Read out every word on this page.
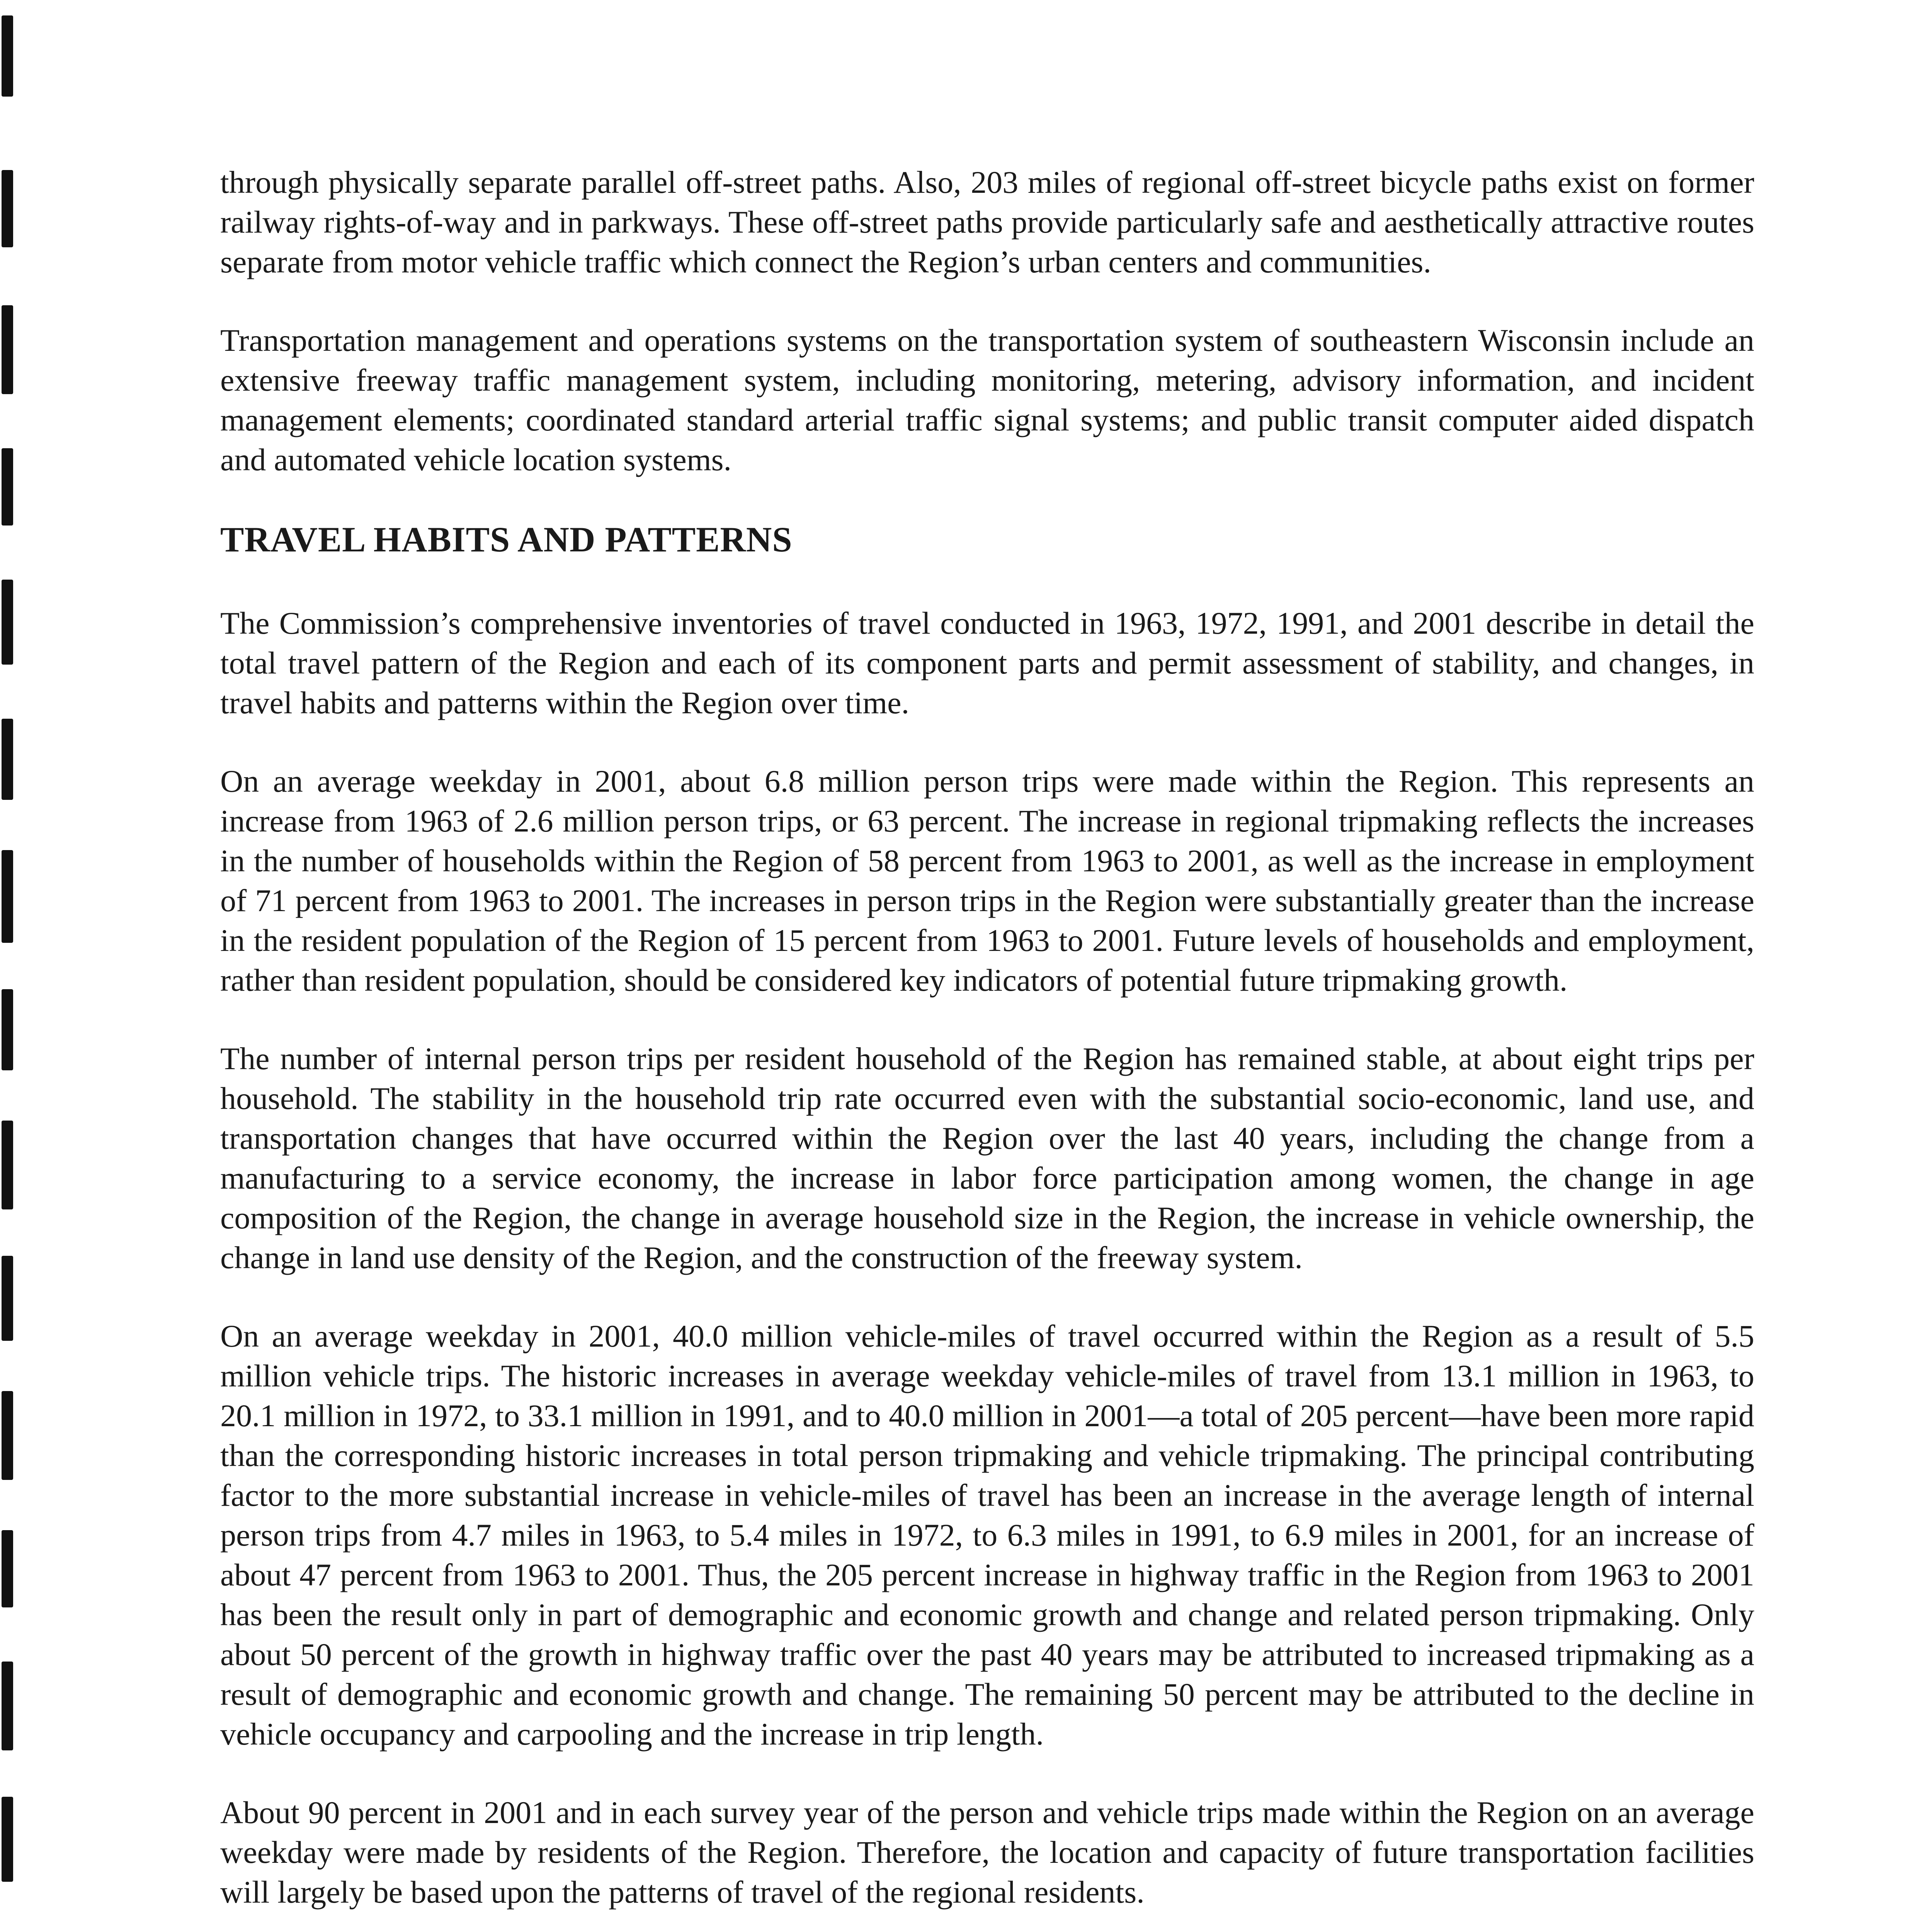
through physically separate parallel off-street paths. Also, 203 miles of regional off-street bicycle paths exist on former railway rights-of-way and in parkways. These off-street paths provide particularly safe and aesthetically attractive routes separate from motor vehicle traffic which connect the Region’s urban centers and communities.

Transportation management and operations systems on the transportation system of southeastern Wisconsin include an extensive freeway traffic management system, including monitoring, metering, advisory information, and incident management elements; coordinated standard arterial traffic signal systems; and public transit computer aided dispatch and automated vehicle location systems.

TRAVEL HABITS AND PATTERNS

The Commission’s comprehensive inventories of travel conducted in 1963, 1972, 1991, and 2001 describe in detail the total travel pattern of the Region and each of its component parts and permit assessment of stability, and changes, in travel habits and patterns within the Region over time.

On an average weekday in 2001, about 6.8 million person trips were made within the Region. This represents an increase from 1963 of 2.6 million person trips, or 63 percent. The increase in regional tripmaking reflects the increases in the number of households within the Region of 58 percent from 1963 to 2001, as well as the increase in employment of 71 percent from 1963 to 2001. The increases in person trips in the Region were substantially greater than the increase in the resident population of the Region of 15 percent from 1963 to 2001. Future levels of households and employment, rather than resident population, should be considered key indicators of potential future tripmaking growth.

The number of internal person trips per resident household of the Region has remained stable, at about eight trips per household. The stability in the household trip rate occurred even with the substantial socio-economic, land use, and transportation changes that have occurred within the Region over the last 40 years, including the change from a manufacturing to a service economy, the increase in labor force participation among women, the change in age composition of the Region, the change in average household size in the Region, the increase in vehicle ownership, the change in land use density of the Region, and the construction of the freeway system.

On an average weekday in 2001, 40.0 million vehicle-miles of travel occurred within the Region as a result of 5.5 million vehicle trips. The historic increases in average weekday vehicle-miles of travel from 13.1 million in 1963, to 20.1 million in 1972, to 33.1 million in 1991, and to 40.0 million in 2001—a total of 205 percent—have been more rapid than the corresponding historic increases in total person tripmaking and vehicle tripmaking. The principal contributing factor to the more substantial increase in vehicle-miles of travel has been an increase in the average length of internal person trips from 4.7 miles in 1963, to 5.4 miles in 1972, to 6.3 miles in 1991, to 6.9 miles in 2001, for an increase of about 47 percent from 1963 to 2001. Thus, the 205 percent increase in highway traffic in the Region from 1963 to 2001 has been the result only in part of demographic and economic growth and change and related person tripmaking. Only about 50 percent of the growth in highway traffic over the past 40 years may be attributed to increased tripmaking as a result of demographic and economic growth and change. The remaining 50 percent may be attributed to the decline in vehicle occupancy and carpooling and the increase in trip length.

About 90 percent in 2001 and in each survey year of the person and vehicle trips made within the Region on an average weekday were made by residents of the Region. Therefore, the location and capacity of future transportation facilities will largely be based upon the patterns of travel of the regional residents.
